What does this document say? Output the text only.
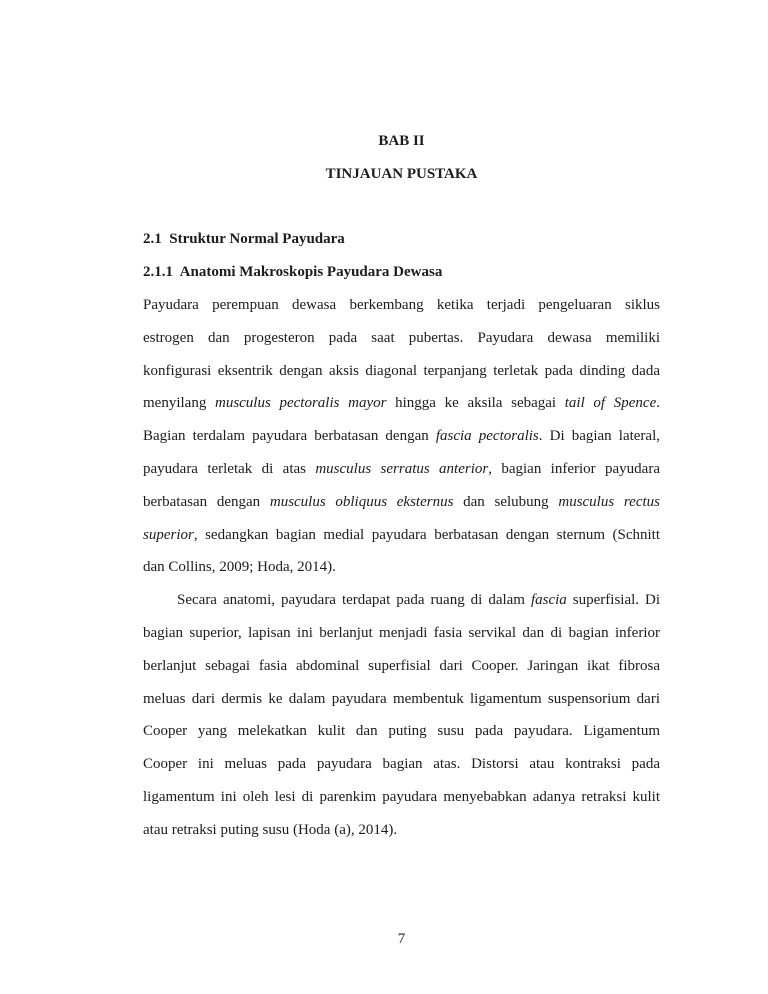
BAB II
TINJAUAN PUSTAKA
2.1  Struktur Normal Payudara
2.1.1  Anatomi Makroskopis Payudara Dewasa
Payudara perempuan dewasa berkembang ketika terjadi pengeluaran siklus
estrogen dan progesteron pada saat pubertas. Payudara dewasa memiliki
konfigurasi eksentrik dengan aksis diagonal terpanjang terletak pada dinding dada
menyilang musculus pectoralis mayor hingga ke aksila sebagai tail of Spence.
Bagian terdalam payudara berbatasan dengan fascia pectoralis. Di bagian lateral,
payudara terletak di atas musculus serratus anterior, bagian inferior payudara
berbatasan dengan musculus obliquus eksternus dan selubung musculus rectus
superior, sedangkan bagian medial payudara berbatasan dengan sternum (Schnitt
dan Collins, 2009; Hoda, 2014).
Secara anatomi, payudara terdapat pada ruang di dalam fascia superfisial. Di
bagian superior, lapisan ini berlanjut menjadi fasia servikal dan di bagian inferior
berlanjut sebagai fasia abdominal superfisial dari Cooper. Jaringan ikat fibrosa
meluas dari dermis ke dalam payudara membentuk ligamentum suspensorium dari
Cooper yang melekatkan kulit dan puting susu pada payudara. Ligamentum
Cooper ini meluas pada payudara bagian atas. Distorsi atau kontraksi pada
ligamentum ini oleh lesi di parenkim payudara menyebabkan adanya retraksi kulit
atau retraksi puting susu (Hoda (a), 2014).
7
